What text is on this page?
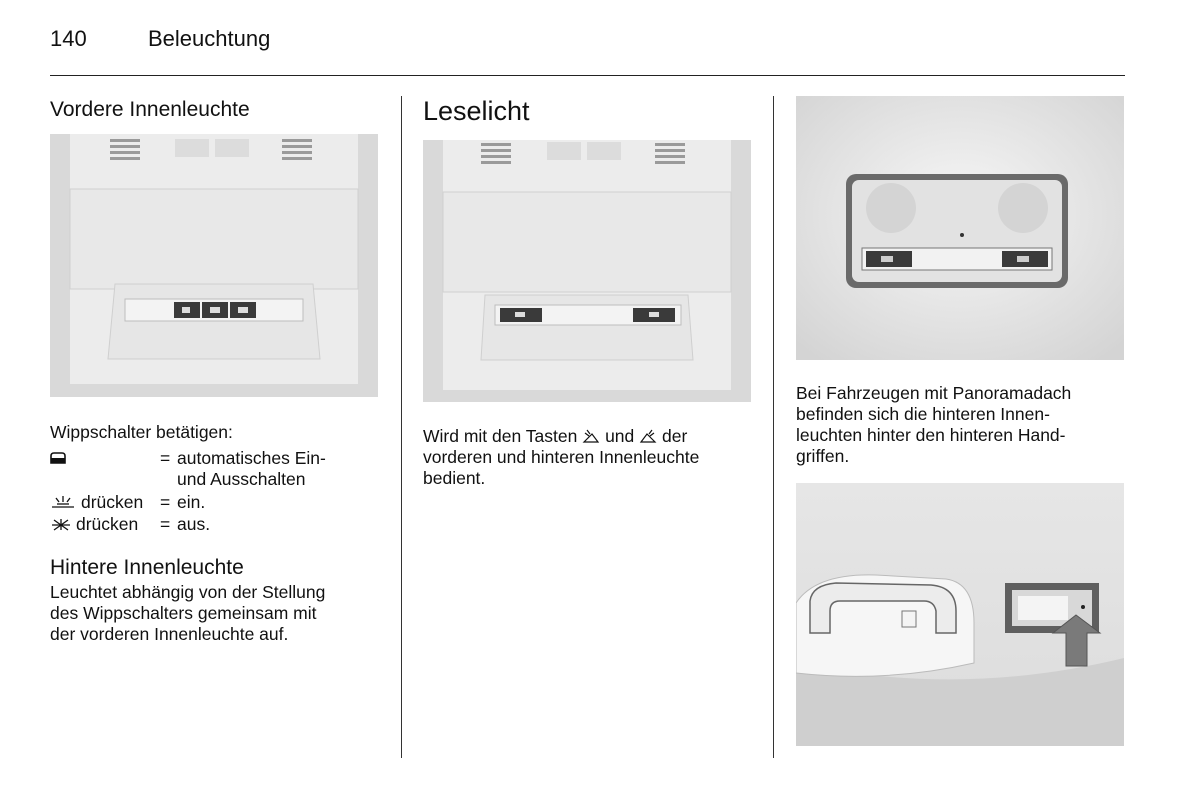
140	Beleuchtung
Vordere Innenleuchte
Wippschalter betätigen:
= automatisches Ein-
und Ausschalten
drücken = ein.
drücken = aus.
Hintere Innenleuchte
Leuchtet abhängig von der Stellung
des Wippschalters gemeinsam mit
der vorderen Innenleuchte auf.
Leselicht
Wird mit den Tasten und der
vorderen und hinteren Innenleuchte
bedient.
Bei Fahrzeugen mit Panoramadach
befinden sich die hinteren Innen-
leuchten hinter den hinteren Hand-
griffen.
